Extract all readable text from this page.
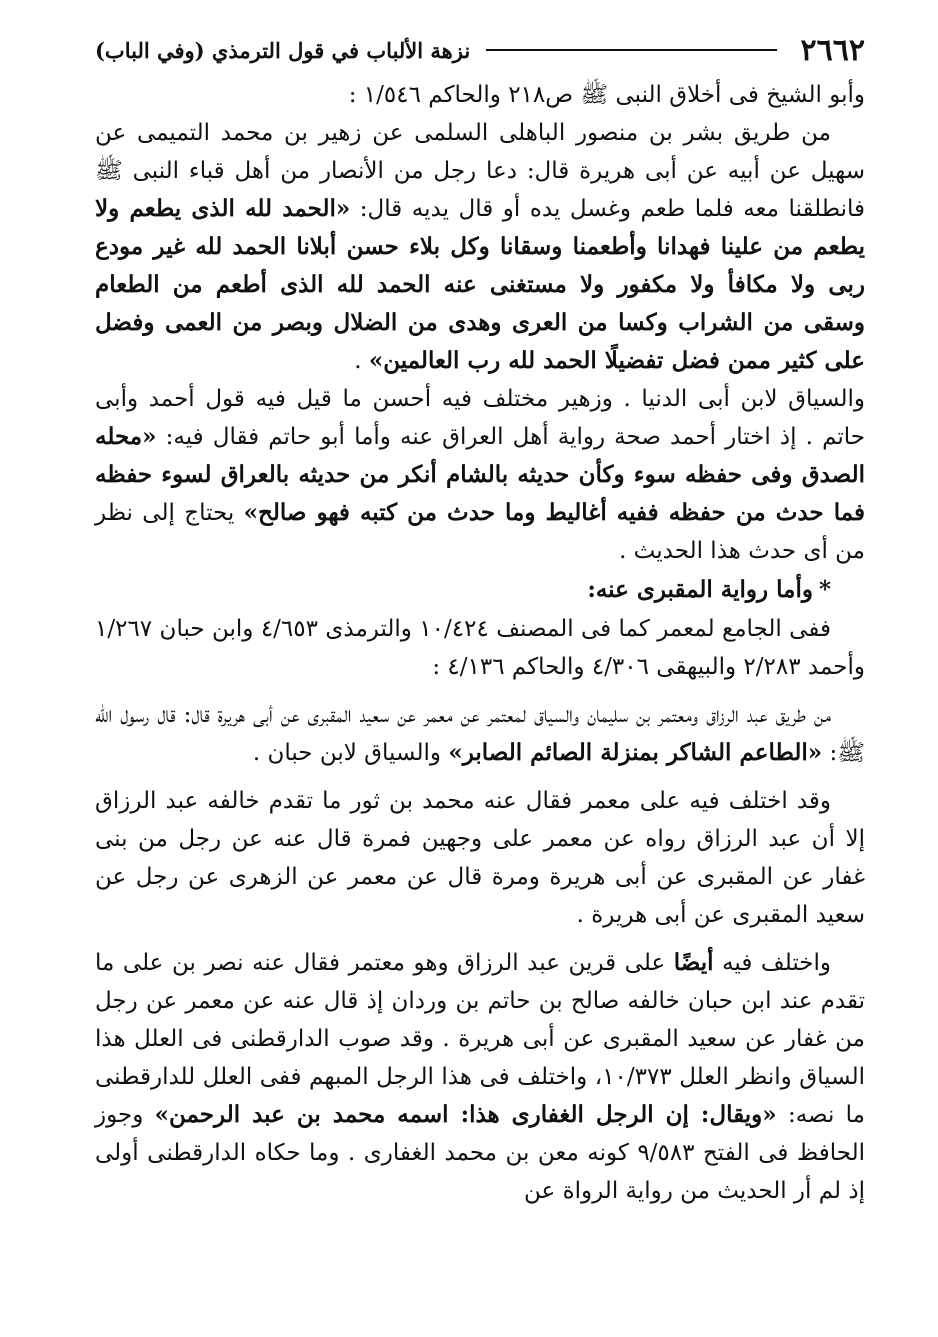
٢٦٦٢
نزهة الألباب في قول الترمذي (وفي الباب)

وأبو الشيخ فى أخلاق النبى ﷺ ص٢١٨ والحاكم ١/٥٤٦ :

من طريق بشر بن منصور الباهلى السلمى عن زهير بن محمد التميمى عن سهيل عن أبيه عن أبى هريرة قال: دعا رجل من الأنصار من أهل قباء النبى ﷺ فانطلقنا معه فلما طعم وغسل يده أو قال يديه قال: «الحمد لله الذى يطعم ولا يطعم من علينا فهدانا وأطعمنا وسقانا وكل بلاء حسن أبلانا الحمد لله غير مودع ربى ولا مكافأ ولا مكفور ولا مستغنى عنه الحمد لله الذى أطعم من الطعام وسقى من الشراب وكسا من العرى وهدى من الضلال وبصر من العمى وفضل على كثير ممن فضل تفضيلًا الحمد لله رب العالمين» .

والسياق لابن أبى الدنيا . وزهير مختلف فيه أحسن ما قيل فيه قول أحمد وأبى حاتم . إذ اختار أحمد صحة رواية أهل العراق عنه وأما أبو حاتم فقال فيه: «محله الصدق وفى حفظه سوء وكأن حديثه بالشام أنكر من حديثه بالعراق لسوء حفظه فما حدث من حفظه ففيه أغاليط وما حدث من كتبه فهو صالح» يحتاج إلى نظر من أى حدث هذا الحديث .

*وأما رواية المقبرى عنه:

ففى الجامع لمعمر كما فى المصنف ١٠/٤٢٤ والترمذى ٤/٦٥٣ وابن حبان ١/٢٦٧ وأحمد ٢/٢٨٣ والبيهقى ٤/٣٠٦ والحاكم ٤/١٣٦ :

من طريق عبد الرزاق ومعتمر بن سليمان والسياق لمعتمر عن معمر عن سعيد المقبرى عن أبى هريرة قال: قال رسول الله ﷺ: «الطاعم الشاكر بمنزلة الصائم الصابر» والسياق لابن حبان .

وقد اختلف فيه على معمر فقال عنه محمد بن ثور ما تقدم خالفه عبد الرزاق إلا أن عبد الرزاق رواه عن معمر على وجهين فمرة قال عنه عن رجل من بنى غفار عن المقبرى عن أبى هريرة ومرة قال عن معمر عن الزهرى عن رجل عن سعيد المقبرى عن أبى هريرة .

واختلف فيه أيضًا على قرين عبد الرزاق وهو معتمر فقال عنه نصر بن على ما تقدم عند ابن حبان خالفه صالح بن حاتم بن وردان إذ قال عنه عن معمر عن رجل من غفار عن سعيد المقبرى عن أبى هريرة . وقد صوب الدارقطنى فى العلل هذا السياق وانظر العلل ١٠/٣٧٣، واختلف فى هذا الرجل المبهم ففى العلل للدارقطنى ما نصه: «ويقال: إن الرجل الغفارى هذا: اسمه محمد بن عبد الرحمن» وجوز الحافظ فى الفتح ٩/٥٨٣ كونه معن بن محمد الغفارى . وما حكاه الدارقطنى أولى إذ لم أر الحديث من رواية الرواة عن
